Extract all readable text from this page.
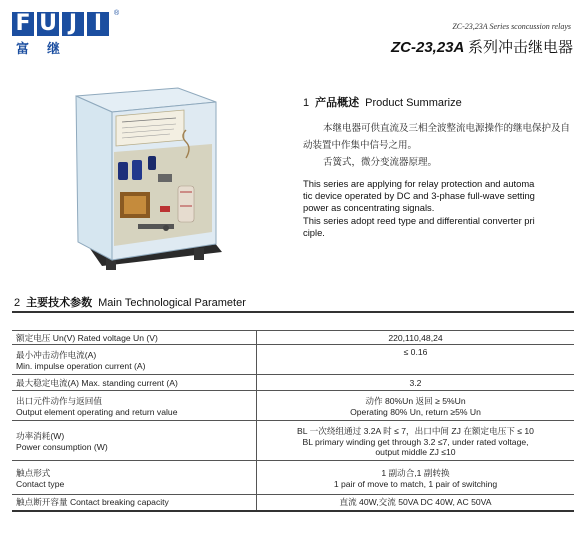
F U J I	®
富继
ZC-23,23A Series sconcussion relays
ZC-23,23A 系列冲击继电器
1 产品概述 Product Summarize

本继电器可供直流及三相全波整流电源操作的继电保护及自动装置中作集中信号之用。

舌簧式，微分变流器原理。

This series are applying for relay protection and automa

tic device operated by DC and 3-phase full-wave setting

power as concentrating signals.

This series adopt reed type and differential converter pri

ciple.

2 主要技术参数 Main Technological Parameter
额定电压 Un(V) Rated voltage Un (V)	220,110,48,24

最小冲击动作电流(A)
Min. impulse operation current (A)	≤ 0.16
最大稳定电流(A) Max. standing current (A)	3.2

出口元件动作与返回值
Output element operating and return value	动作 80%Un 返回 ≥ 5%Un
Operating 80% Un, return ≥5% Un

功率消耗(W)
Power consumption (W)	BL 一次绕组通过 3.2A 时 ≤ 7，出口中间 ZJ 在额定电压下 ≤ 10
BL primary winding get through 3.2 ≤7, under rated voltage,
output middle ZJ ≤10

触点形式
Contact type	1 副动合,1 副转换
1 pair of move to match, 1 pair of switching

触点断开容量 Contact breaking capacity	直流 40W,交流 50VA DC 40W, AC 50VA
